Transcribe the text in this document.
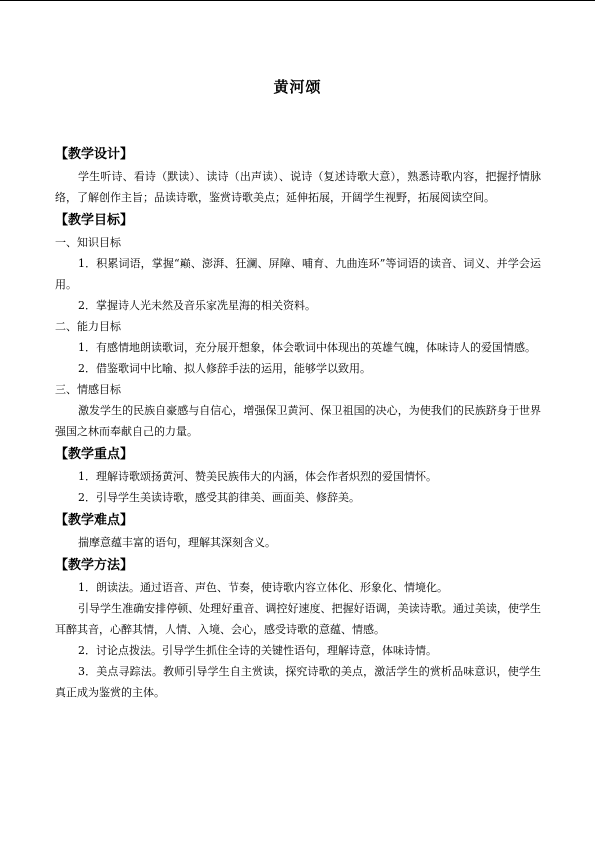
黄河颂
【教学设计】
学生听诗、看诗（默读）、读诗（出声读）、说诗（复述诗歌大意），熟悉诗歌内容，把握抒情脉络，了解创作主旨；品读诗歌，鉴赏诗歌美点；延伸拓展，开阔学生视野，拓展阅读空间。
【教学目标】
一、知识目标
1．积累词语，掌握“巅、澎湃、狂澜、屏障、哺育、九曲连环”等词语的读音、词义、并学会运用。
2．掌握诗人光未然及音乐家冼星海的相关资料。
二、能力目标
1．有感情地朗读歌词，充分展开想象，体会歌词中体现出的英雄气魄，体味诗人的爱国情感。
2．借鉴歌词中比喻、拟人修辞手法的运用，能够学以致用。
三、情感目标
激发学生的民族自豪感与自信心，增强保卫黄河、保卫祖国的决心，为使我们的民族跻身于世界强国之林而奉献自己的力量。
【教学重点】
1．理解诗歌颂扬黄河、赞美民族伟大的内涵，体会作者炽烈的爱国情怀。
2．引导学生美读诗歌，感受其韵律美、画面美、修辞美。
【教学难点】
揣摩意蕴丰富的语句，理解其深刻含义。
【教学方法】
1．朗读法。通过语音、声色、节奏，使诗歌内容立体化、形象化、情境化。
引导学生准确安排停顿、处理好重音、调控好速度、把握好语调，美读诗歌。通过美读，使学生耳醉其音，心醉其情，人情、入境、会心，感受诗歌的意蕴、情感。
2．讨论点拨法。引导学生抓住全诗的关键性语句，理解诗意，体味诗情。
3．美点寻踪法。教师引导学生自主赏读，探究诗歌的美点，激活学生的赏析品味意识，使学生真正成为鉴赏的主体。
